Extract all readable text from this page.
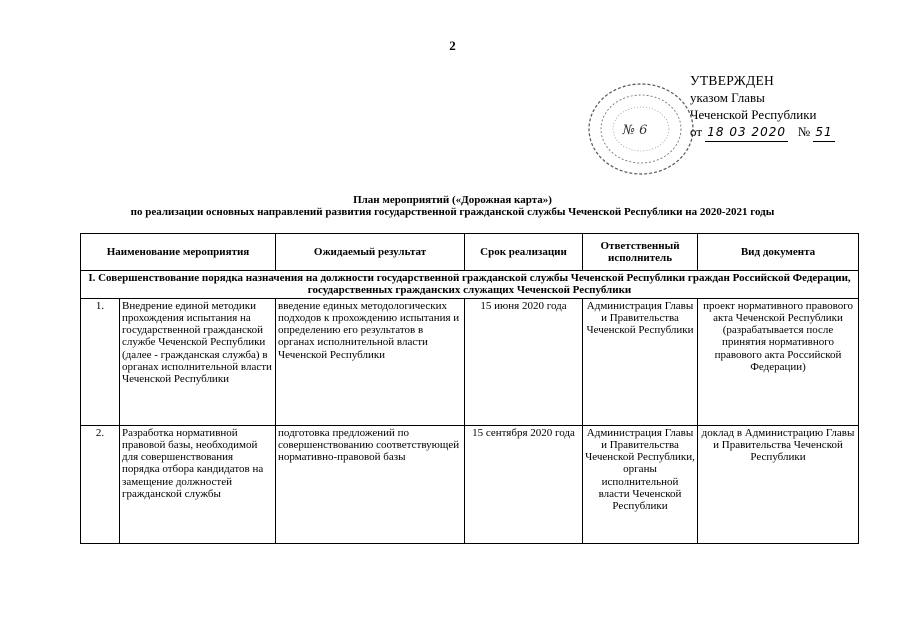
2
№ 6
УТВЕРЖДЕН
указом Главы
Чеченской Республики
от 18 03 2020 № 51
План мероприятий («Дорожная карта»)
по реализации основных направлений развития государственной гражданской службы Чеченской Республики на 2020-2021 годы
Наименование мероприятия		Ожидаемый результат	Срок реализации	Ответственный исполнитель	Вид документа
I. Совершенствование порядка назначения на должности государственной гражданской службы Чеченской Республики граждан Российской Федерации, государственных гражданских служащих Чеченской Республики					
1.	Внедрение единой методики прохождения испытания на государственной гражданской службе Чеченской Республики (далее - гражданская служба) в органах исполнительной власти Чеченской Республики	введение единых методологических подходов к прохождению испытания и определению его результатов в органах исполнительной власти Чеченской Республики	15 июня 2020 года	Администрация Главы и Правительства Чеченской Республики	проект нормативного правового акта Чеченской Республики (разрабатывается после принятия нормативного правового акта Российской Федерации)
2.	Разработка нормативной правовой базы, необходимой для совершенствования порядка отбора кандидатов на замещение должностей гражданской службы	подготовка предложений по совершенствованию соответствующей нормативно-правовой базы	15 сентября 2020 года	Администрация Главы и Правительства Чеченской Республики, органы исполнительной власти Чеченской Республики	доклад в Администрацию Главы и Правительства Чеченской Республики
